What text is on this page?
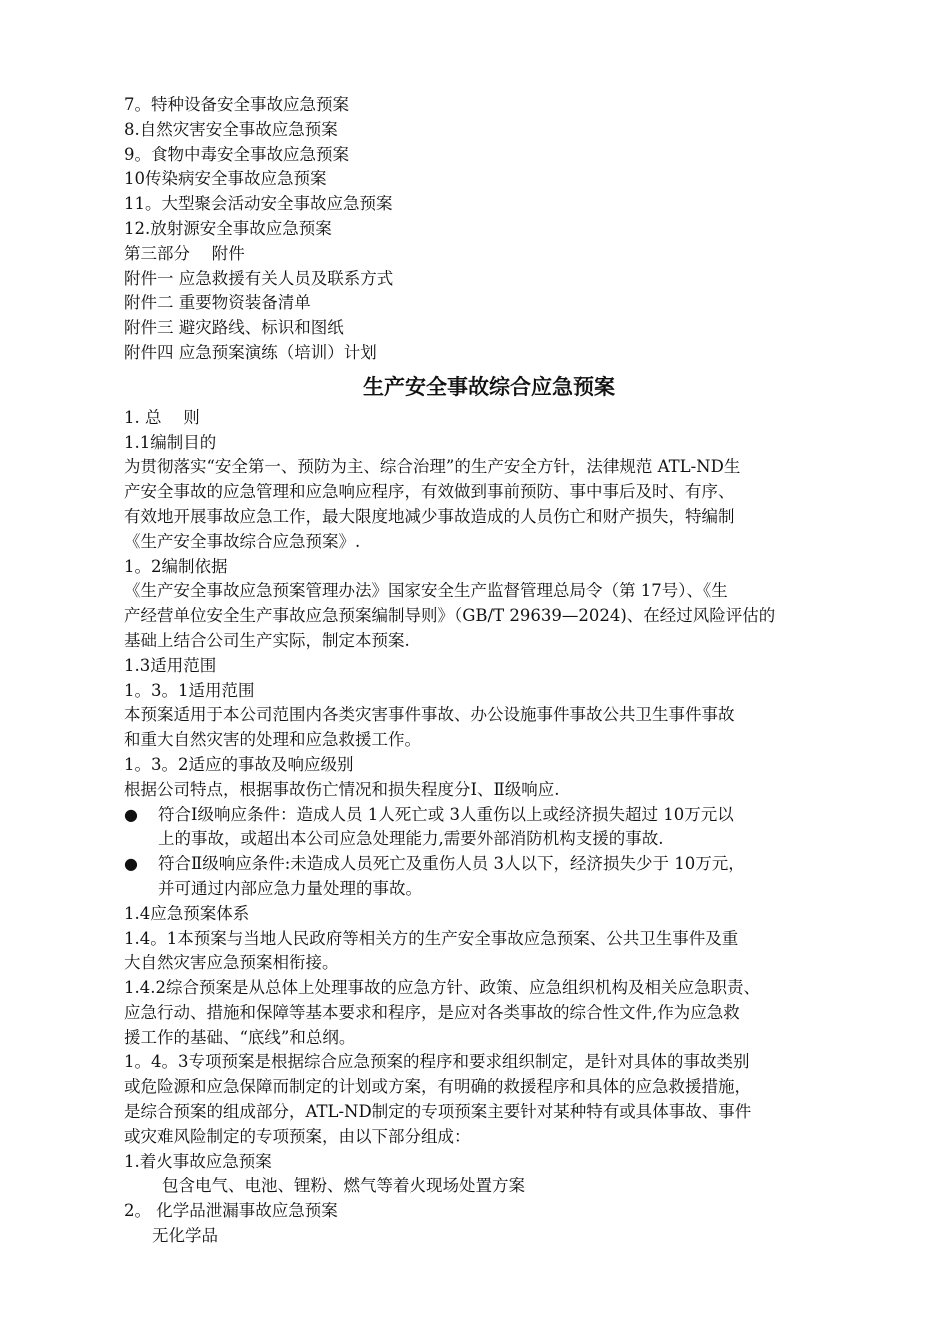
7。特种设备安全事故应急预案
8.自然灾害安全事故应急预案
9。食物中毒安全事故应急预案
10传染病安全事故应急预案
11。大型聚会活动安全事故应急预案
12.放射源安全事故应急预案
第三部分　 附件
附件一 应急救援有关人员及联系方式
附件二 重要物资装备清单
附件三 避灾路线、标识和图纸
附件四 应急预案演练（培训）计划
生产安全事故综合应急预案
1. 总　 则
1.1编制目的
为贯彻落实“安全第一、预防为主、综合治理”的生产安全方针，法律规范 ATL-ND生
产安全事故的应急管理和应急响应程序，有效做到事前预防、事中事后及时、有序、
有效地开展事故应急工作，最大限度地减少事故造成的人员伤亡和财产损失，特编制
《生产安全事故综合应急预案》.
1。2编制依据
《生产安全事故应急预案管理办法》国家安全生产监督管理总局令（第 17号）、《生
产经营单位安全生产事故应急预案编制导则》（GB/T 29639—2024)、在经过风险评估的
基础上结合公司生产实际，制定本预案.
1.3适用范围
1。3。1适用范围
本预案适用于本公司范围内各类灾害事件事故、办公设施事件事故公共卫生事件事故
和重大自然灾害的处理和应急救援工作。
1。3。2适应的事故及响应级别
根据公司特点，根据事故伤亡情况和损失程度分Ⅰ、Ⅱ级响应.
● 符合Ⅰ级响应条件：造成人员 1人死亡或 3人重伤以上或经济损失超过 10万元以
上的事故，或超出本公司应急处理能力,需要外部消防机构支援的事故.
● 符合Ⅱ级响应条件:未造成人员死亡及重伤人员 3人以下，经济损失少于 10万元，
并可通过内部应急力量处理的事故。
1.4应急预案体系
1.4。1本预案与当地人民政府等相关方的生产安全事故应急预案、公共卫生事件及重
大自然灾害应急预案相衔接。
1.4.2综合预案是从总体上处理事故的应急方针、政策、应急组织机构及相关应急职责、
应急行动、措施和保障等基本要求和程序，是应对各类事故的综合性文件,作为应急救
援工作的基础、“底线”和总纲。
1。4。3专项预案是根据综合应急预案的程序和要求组织制定，是针对具体的事故类别
或危险源和应急保障而制定的计划或方案，有明确的救援程序和具体的应急救援措施，
是综合预案的组成部分，ATL-ND制定的专项预案主要针对某种特有或具体事故、事件
或灾难风险制定的专项预案，由以下部分组成：
1.着火事故应急预案
包含电气、电池、锂粉、燃气等着火现场处置方案
2。 化学品泄漏事故应急预案
无化学品
